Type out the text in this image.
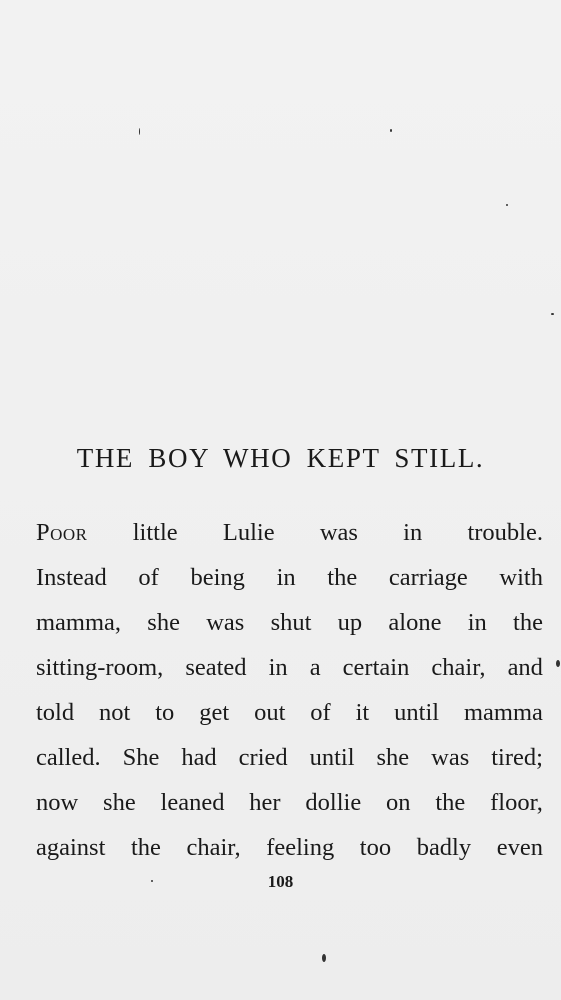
THE BOY WHO KEPT STILL.
Poor little Lulie was in trouble.
Instead of being in the carriage with
mamma, she was shut up alone in the
sitting-room, seated in a certain chair, and
told not to get out of it until mamma
called. She had cried until she was tired;
now she leaned her dollie on the floor,
against the chair, feeling too badly even
108
